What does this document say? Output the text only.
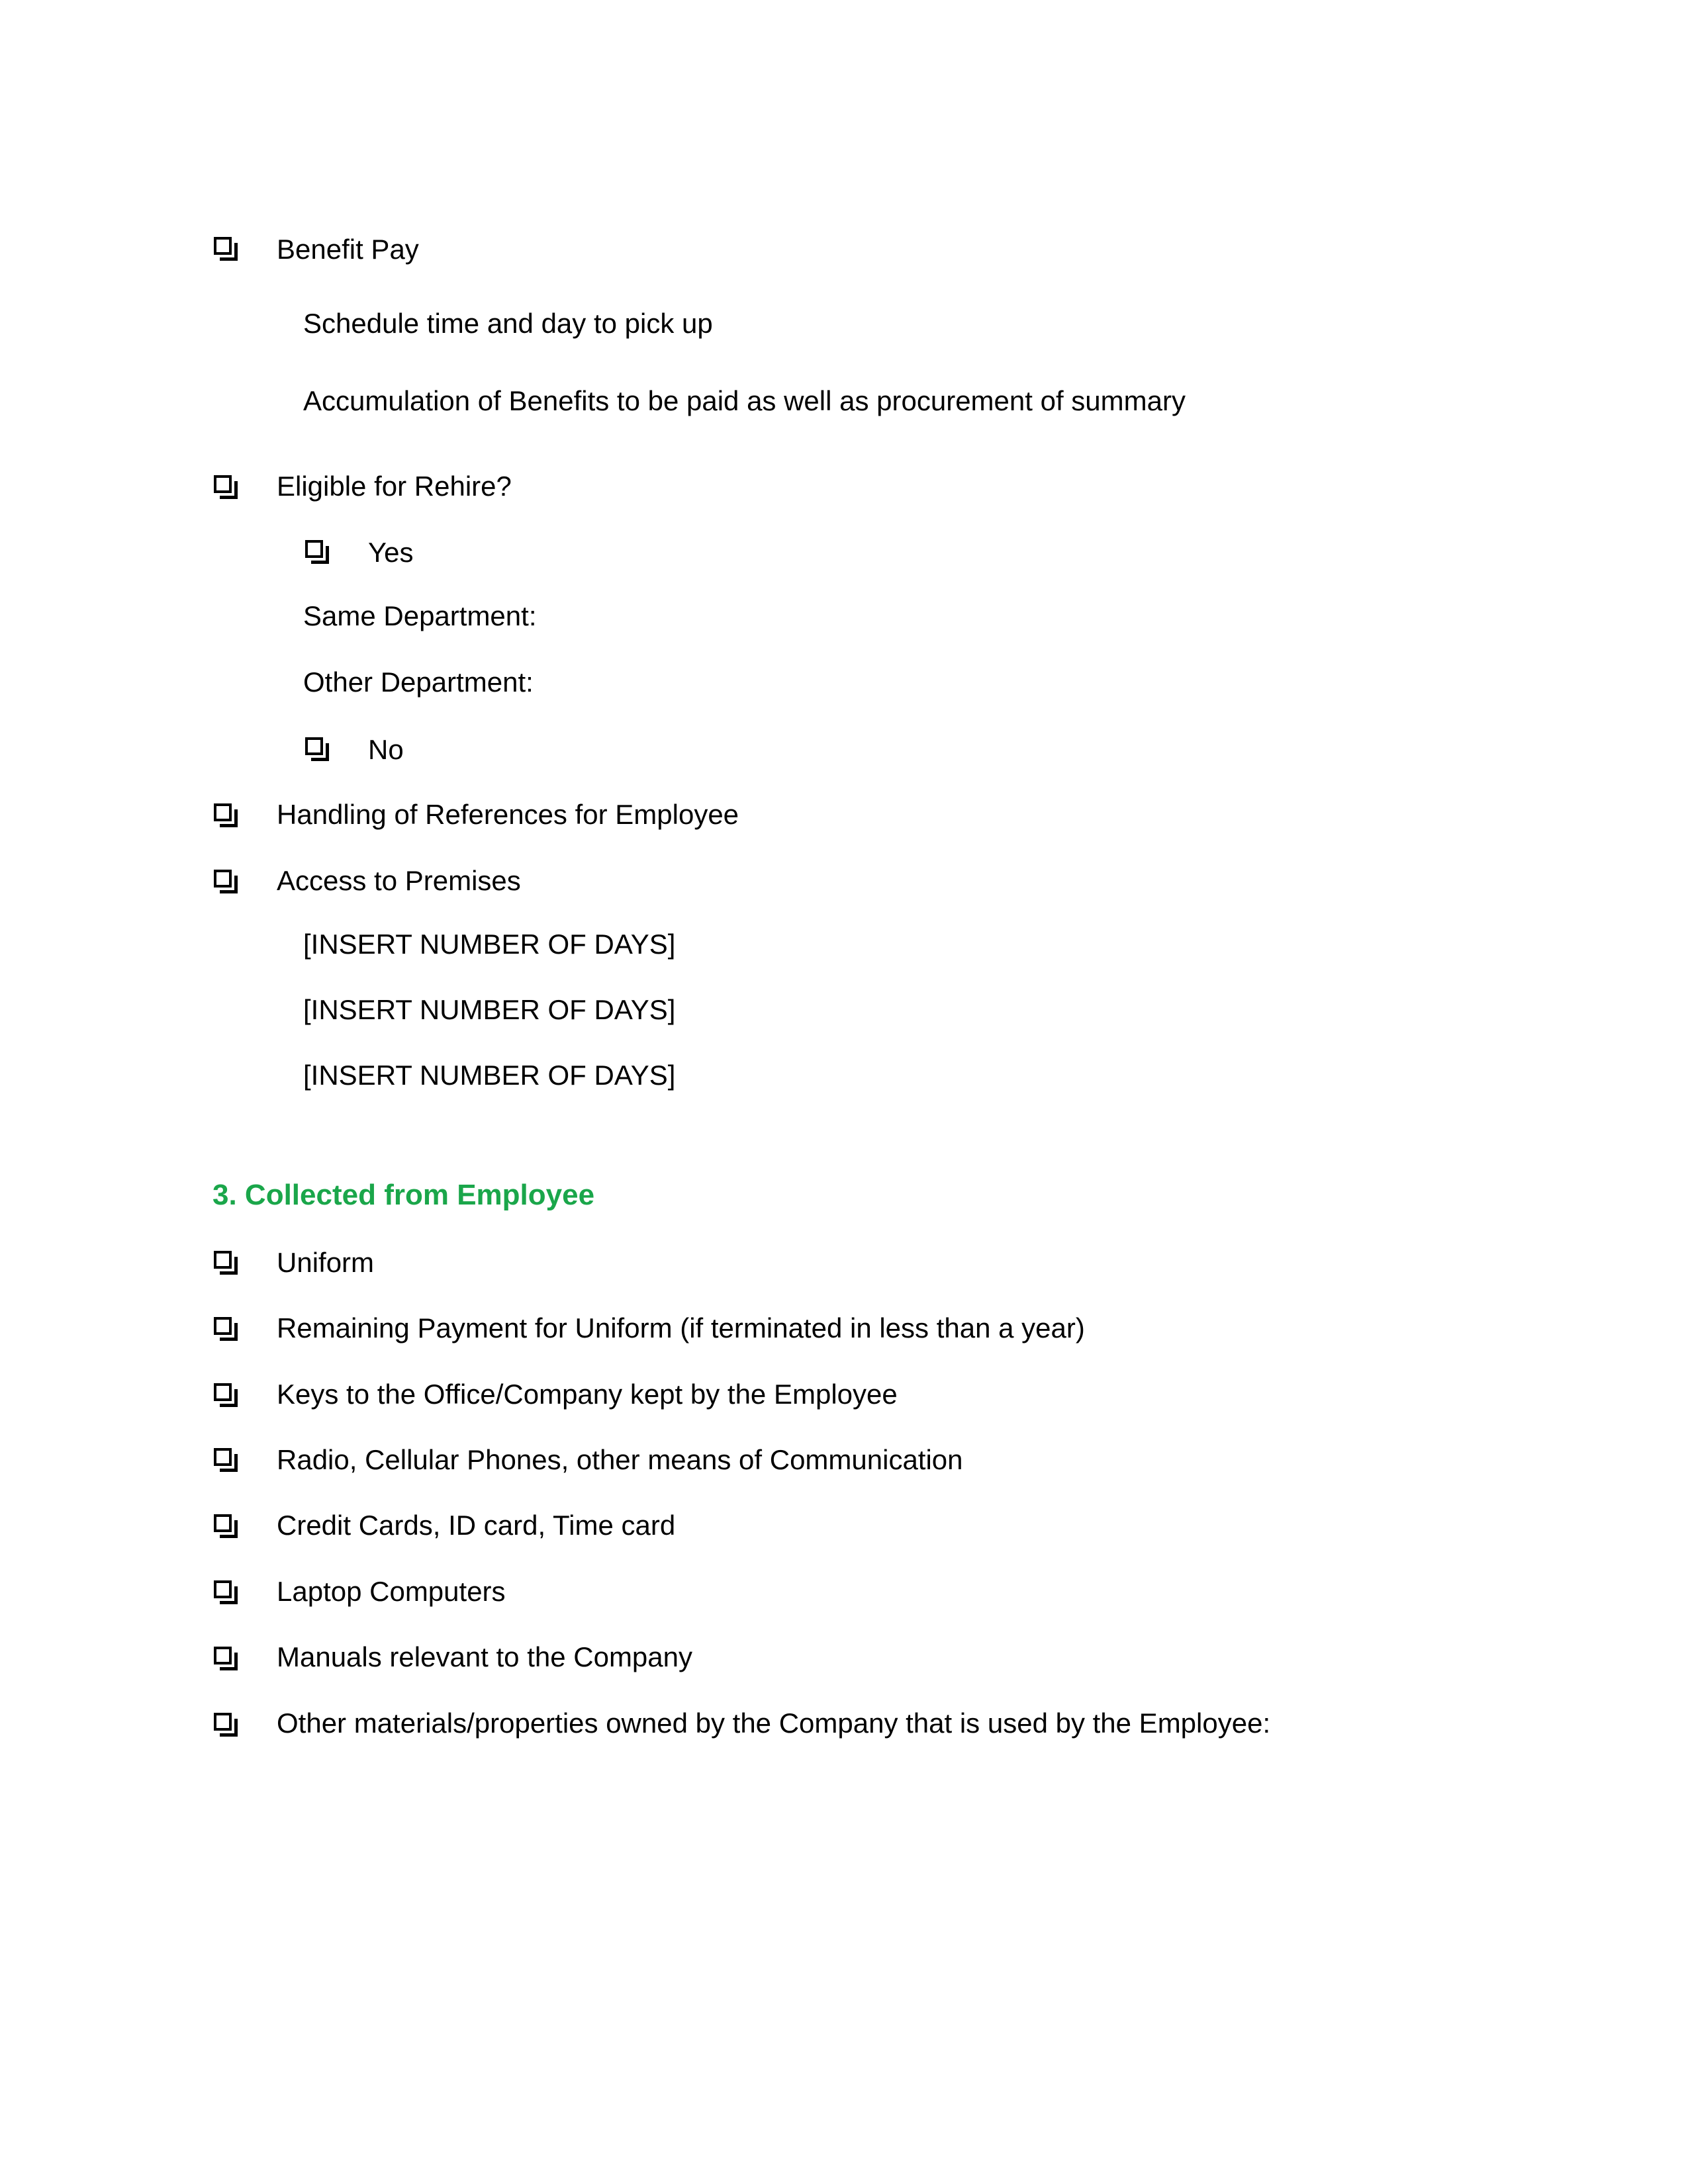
Benefit Pay
Schedule time and day to pick up
Accumulation of Benefits to be paid as well as procurement of summary
Eligible for Rehire?
Yes
Same Department:
Other Department:
No
Handling of References for Employee
Access to Premises
[INSERT NUMBER OF DAYS]
[INSERT NUMBER OF DAYS]
[INSERT NUMBER OF DAYS]
3. Collected from Employee
Uniform
Remaining Payment for Uniform (if terminated in less than a year)
Keys to the Office/Company kept by the Employee
Radio, Cellular Phones, other means of Communication
Credit Cards, ID card, Time card
Laptop Computers
Manuals relevant to the Company
Other materials/properties owned by the Company that is used by the Employee:
